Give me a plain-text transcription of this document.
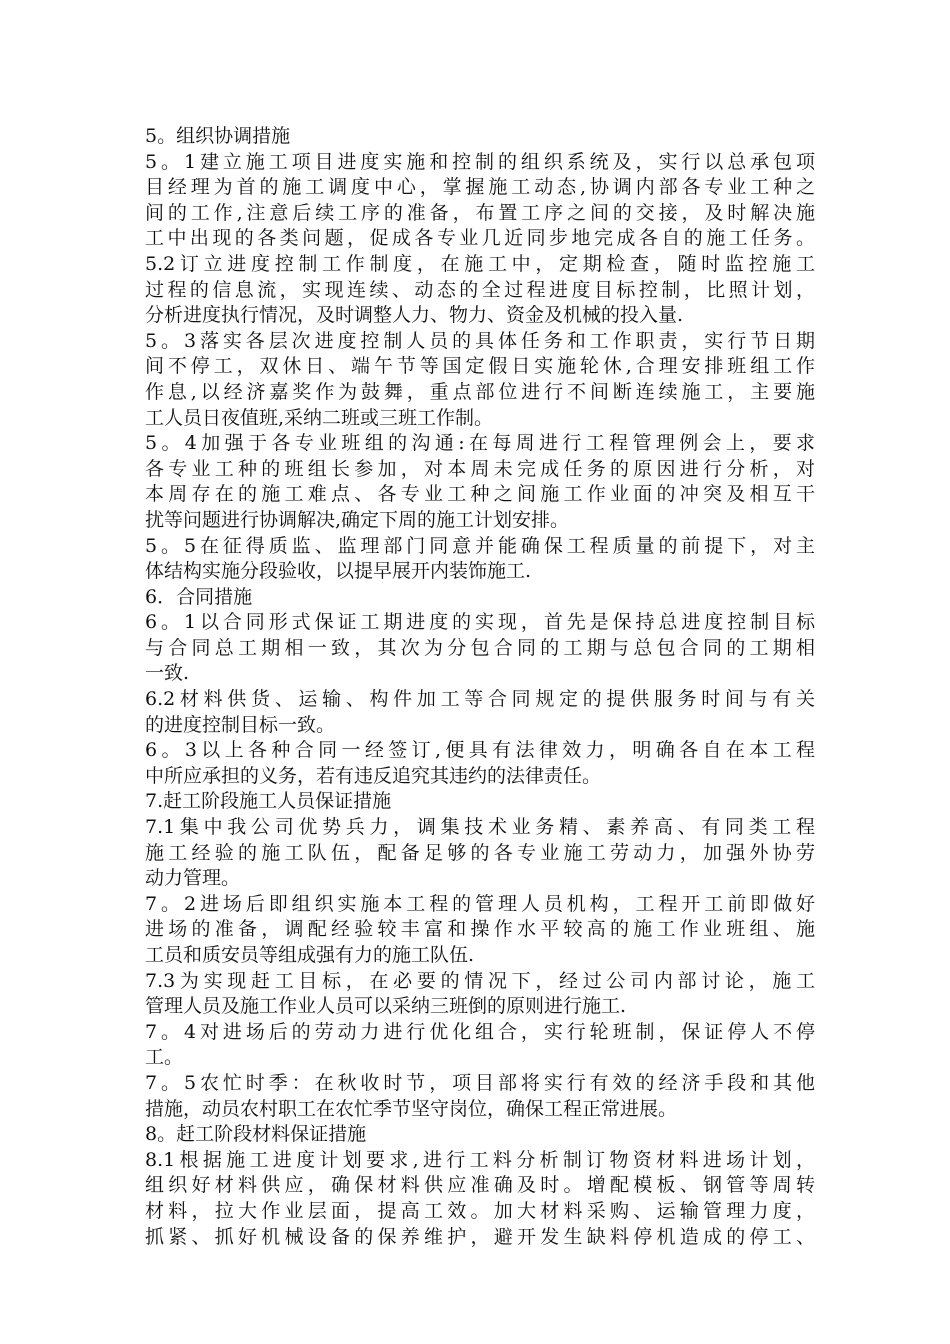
5。组织协调措施
5。1建立施工项目进度实施和控制的组织系统及，实行以总承包项
目经理为首的施工调度中心，掌握施工动态,协调内部各专业工种之
间的工作,注意后续工序的准备，布置工序之间的交接，及时解决施
工中出现的各类问题，促成各专业几近同步地完成各自的施工任务。
5.2订立进度控制工作制度，在施工中，定期检查，随时监控施工
过程的信息流，实现连续、动态的全过程进度目标控制，比照计划，
分析进度执行情况，及时调整人力、物力、资金及机械的投入量.
5。3落实各层次进度控制人员的具体任务和工作职责，实行节日期
间不停工，双休日、端午节等国定假日实施轮休,合理安排班组工作
作息,以经济嘉奖作为鼓舞，重点部位进行不间断连续施工，主要施
工人员日夜值班,采纳二班或三班工作制。
5。4加强于各专业班组的沟通:在每周进行工程管理例会上，要求
各专业工种的班组长参加，对本周未完成任务的原因进行分析，对
本周存在的施工难点、各专业工种之间施工作业面的冲突及相互干
扰等问题进行协调解决,确定下周的施工计划安排。
5。5在征得质监、监理部门同意并能确保工程质量的前提下，对主
体结构实施分段验收，以提早展开内装饰施工.
6．合同措施
6。1以合同形式保证工期进度的实现，首先是保持总进度控制目标
与合同总工期相一致，其次为分包合同的工期与总包合同的工期相
一致.
6.2材料供货、运输、构件加工等合同规定的提供服务时间与有关
的进度控制目标一致。
6。3以上各种合同一经签订,便具有法律效力，明确各自在本工程
中所应承担的义务，若有违反追究其违约的法律责任。
7.赶工阶段施工人员保证措施
7.1集中我公司优势兵力，调集技术业务精、素养高、有同类工程
施工经验的施工队伍，配备足够的各专业施工劳动力，加强外协劳
动力管理。
7。2进场后即组织实施本工程的管理人员机构，工程开工前即做好
进场的准备，调配经验较丰富和操作水平较高的施工作业班组、施
工员和质安员等组成强有力的施工队伍.
7.3为实现赶工目标，在必要的情况下，经过公司内部讨论，施工
管理人员及施工作业人员可以采纳三班倒的原则进行施工.
7。4对进场后的劳动力进行优化组合，实行轮班制，保证停人不停
工。
7。5农忙时季：在秋收时节，项目部将实行有效的经济手段和其他
措施，动员农村职工在农忙季节坚守岗位，确保工程正常进展。
8。赶工阶段材料保证措施
8.1根据施工进度计划要求,进行工料分析制订物资材料进场计划，
组织好材料供应，确保材料供应准确及时。增配模板、钢管等周转
材料，拉大作业层面，提高工效。加大材料采购、运输管理力度，
抓紧、抓好机械设备的保养维护，避开发生缺料停机造成的停工、
